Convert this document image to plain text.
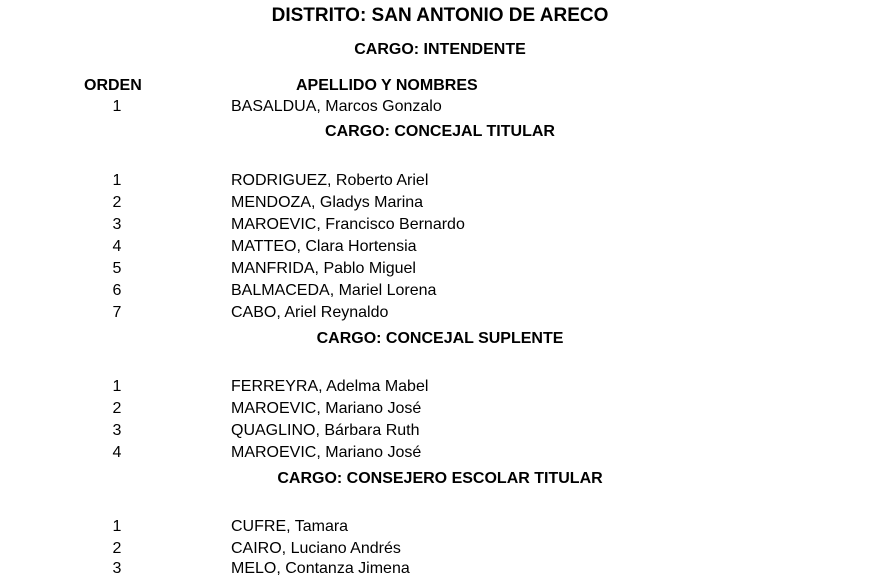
DISTRITO: SAN ANTONIO DE ARECO
CARGO: INTENDENTE
ORDEN	APELLIDO Y NOMBRES
1	BASALDUA, Marcos Gonzalo
CARGO: CONCEJAL TITULAR
1	RODRIGUEZ, Roberto Ariel
2	MENDOZA, Gladys Marina
3	MAROEVIC, Francisco Bernardo
4	MATTEO, Clara Hortensia
5	MANFRIDA, Pablo Miguel
6	BALMACEDA, Mariel Lorena
7	CABO, Ariel Reynaldo
CARGO: CONCEJAL SUPLENTE
1	FERREYRA, Adelma Mabel
2	MAROEVIC, Mariano José
3	QUAGLINO, Bárbara Ruth
4	MAROEVIC, Mariano José
CARGO: CONSEJERO ESCOLAR TITULAR
1	CUFRE, Tamara
2	CAIRO, Luciano Andrés
3	MELO, Contanza Jimena
